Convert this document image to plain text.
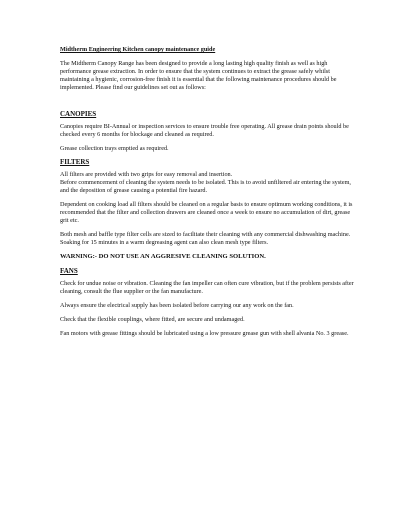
Midtherm Engineering Kitchen canopy maintenance guide

The Midtherm Canopy Range has been designed to provide a long lasting high quality finish as well as high performance grease extraction. In order to ensure that the system continues to extract the grease safely whilst maintaining a hygienic, corrosion-free finish it is essential that the following maintenance procedures should be implemented. Please find our guidelines set out as follows:

CANOPIES

Canopies require BI-Annual or inspection services to ensure trouble free operating. All grease drain points should be checked every 6 months for blockage and cleaned as required.

Grease collection trays emptied as required.

FILTERS

All filters are provided with two grips for easy removal and insertion.

Before commencement of cleaning the system needs to be isolated. This is to avoid unfiltered air entering the system, and the deposition of grease causing a potential fire hazard.

Dependent on cooking load all filters should be cleaned on a regular basis to ensure optimum working conditions, it is recommended that the filter and collection drawers are cleaned once a week to ensure no accumulation of dirt, grease grit etc.

Both mesh and baffle type filter cells are sized to facilitate their cleaning with any commercial dishwashing machine. Soaking for 15 minutes in a warm degreasing agent can also clean mesh type filters.

WARNING:- DO NOT USE AN AGGRESIVE CLEANING SOLUTION.
FANS

Check for undue noise or vibration. Cleaning the fan impeller can often cure vibration, but if the problem persists after cleaning, consult the flue supplier or the fan manufacture.

Always ensure the electrical supply has been isolated before carrying our any work on the fan.

Check that the flexible couplings, where fitted, are secure and undamaged.

Fan motors with grease fittings should be lubricated using a low pressure grease gun with shell alvania No. 3 grease.
